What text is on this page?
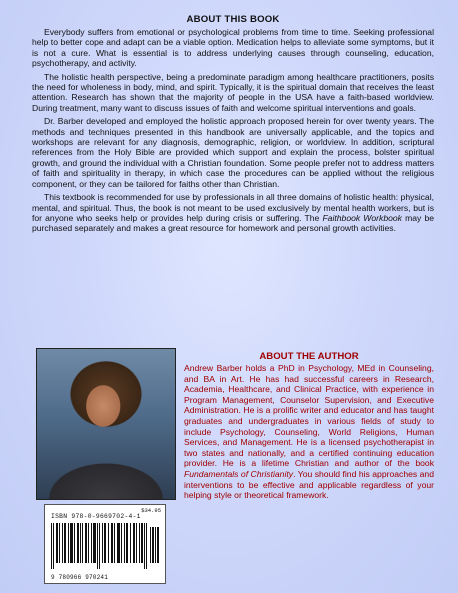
ABOUT THIS BOOK

Everybody suffers from emotional or psychological problems from time to time. Seeking professional help to better cope and adapt can be a viable option. Medication helps to alleviate some symptoms, but it is not a cure. What is essential is to address underlying causes through counseling, education, psychotherapy, and activity.

The holistic health perspective, being a predominate paradigm among healthcare practitioners, posits the need for wholeness in body, mind, and spirit. Typically, it is the spiritual domain that receives the least attention. Research has shown that the majority of people in the USA have a faith-based worldview. During treatment, many want to discuss issues of faith and welcome spiritual interventions and goals.

Dr. Barber developed and employed the holistic approach proposed herein for over twenty years. The methods and techniques presented in this handbook are universally applicable, and the topics and workshops are relevant for any diagnosis, demographic, religion, or worldview. In addition, scriptural references from the Holy Bible are provided which support and explain the process, bolster spiritual growth, and ground the individual with a Christian foundation. Some people prefer not to address matters of faith and spirituality in therapy, in which case the procedures can be applied without the religious component, or they can be tailored for faiths other than Christian.

This textbook is recommended for use by professionals in all three domains of holistic health: physical, mental, and spiritual. Thus, the book is not meant to be used exclusively by mental health workers, but is for anyone who seeks help or provides help during crisis or suffering. The Faithbook Workbook may be purchased separately and makes a great resource for homework and personal growth activities.

$34.95
ISBN 978-0-9669702-4-1
9 780966 970241
ABOUT THE AUTHOR

Andrew Barber holds a PhD in Psychology, MEd in Counseling, and BA in Art. He has had successful careers in Research, Academia, Healthcare, and Clinical Practice, with experience in Program Management, Counselor Supervision, and Executive Administration. He is a prolific writer and educator and has taught graduates and undergraduates in various fields of study to include Psychology, Counseling, World Religions, Human Services, and Management. He is a licensed psychotherapist in two states and nationally, and a certified continuing education provider. He is a lifetime Christian and author of the book Fundamentals of Christianity. You should find his approaches and interventions to be effective and applicable regardless of your helping style or theoretical framework.
